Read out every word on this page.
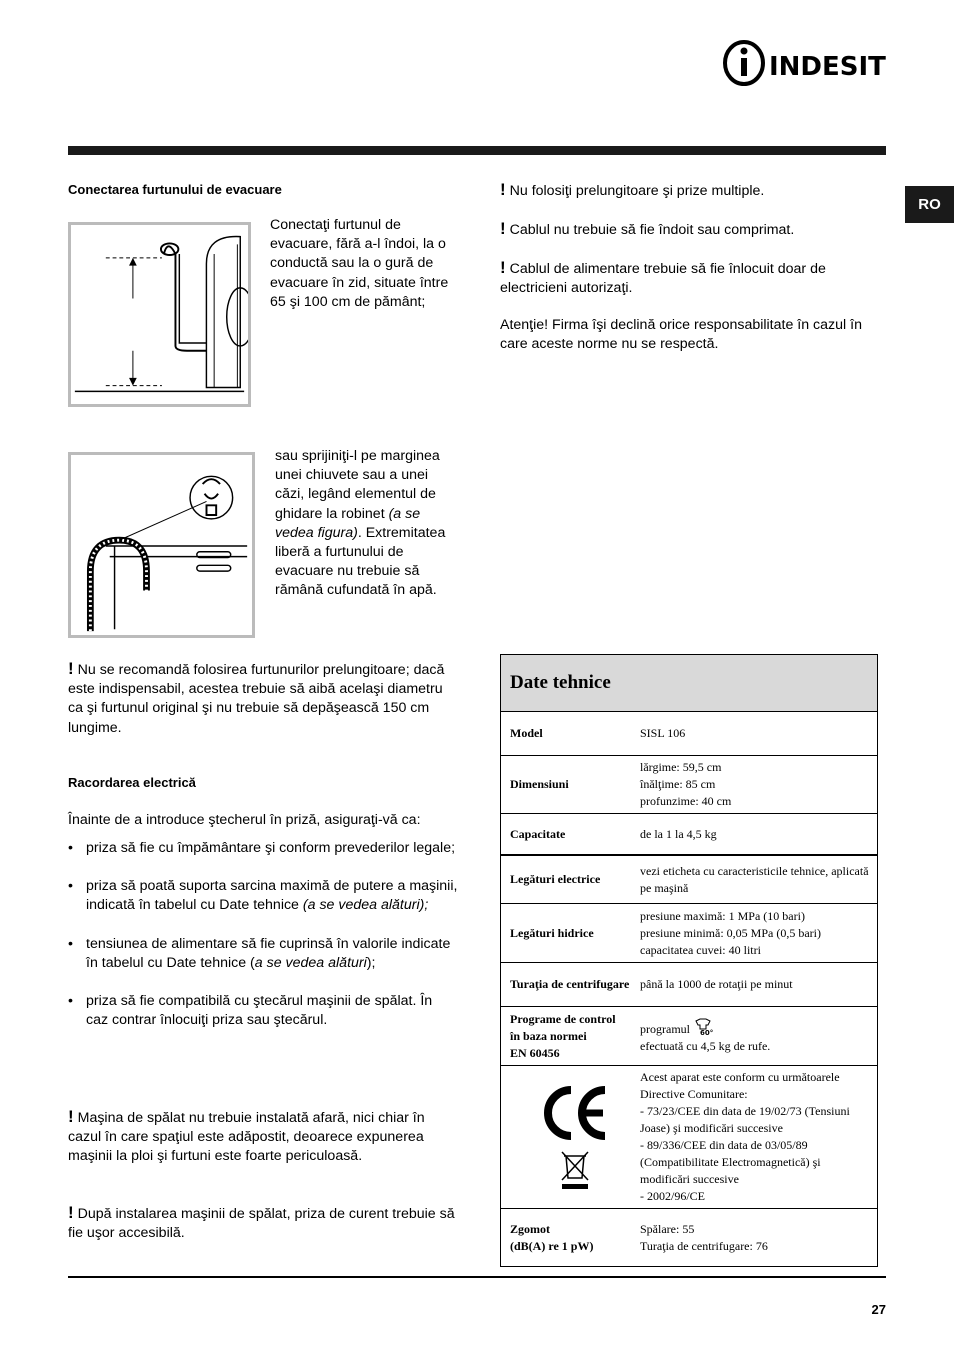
INDESIT
RO
Conectarea furtunului de evacuare
Conectaţi furtunul de evacuare, fără a-l îndoi, la o conductă sau la o gură de evacuare în zid, situate între 65 şi 100 cm de pământ;
sau sprijiniţi-l pe marginea unei chiuvete sau a unei căzi, legând elementul de ghidare la robinet (a se vedea figura). Extremitatea liberă a furtunului de evacuare nu trebuie să rămână cufundată în apă.
! Nu se recomandă folosirea furtunurilor prelungitoare; dacă este indispensabil, acestea trebuie să aibă acelaşi diametru ca şi furtunul original şi nu trebuie să depăşească 150 cm lungime.
Racordarea electrică
Înainte de a introduce ştecherul în priză, asiguraţi-vă ca:
• priza să fie cu împământare şi conform prevederilor legale;
• priza să poată suporta sarcina maximă de putere a maşinii, indicată în tabelul cu Date tehnice (a se vedea alături);
• tensiunea de alimentare să fie cuprinsă în valorile indicate în tabelul cu Date tehnice (a se vedea alături);
• priza să fie compatibilă cu ştecărul maşinii de spălat. În caz contrar înlocuiţi priza sau ştecărul.
! Maşina de spălat nu trebuie instalată afară, nici chiar în cazul în care spaţiul este adăpostit, deoarece expunerea maşinii la ploi şi furtuni este foarte periculoasă.
! După instalarea maşinii de spălat, priza de curent trebuie să fie uşor accesibilă.
! Nu folosiţi prelungitoare şi prize multiple.
! Cablul nu trebuie să fie îndoit sau comprimat.
! Cablul de alimentare trebuie să fie înlocuit doar de electricieni autorizaţi.
Atenţie! Firma îşi declină orice responsabilitate în cazul în care aceste norme nu se respectă.
Date tehnice
Model	SISL 106
Dimensiuni
lărgime: 59,5 cm
înălţime: 85 cm
profunzime: 40 cm
Capacitate	de la 1 la 4,5 kg
Legături electrice
vezi eticheta cu caracteristicile tehnice, aplicată pe maşină
Legături hidrice
presiune maximă: 1 MPa (10 bari)
presiune minimă: 0,05 MPa (0,5 bari)
capacitatea cuvei: 40 litri
Turaţia de centrifugare până la 1000 de rotaţii pe minut
Programe de control
în baza normei
EN 60456
programul 60°
efectuată cu 4,5 kg de rufe.
Acest aparat este conform cu următoarele Directive Comunitare:
- 73/23/CEE din data de 19/02/73 (Tensiuni Joase) şi modificări succesive
- 89/336/CEE din data de 03/05/89 (Compatibilitate Electromagnetică) şi modificări succesive
- 2002/96/CE
Zgomot
(dB(A) re 1 pW)
Spălare: 55
Turaţia de centrifugare: 76
27
